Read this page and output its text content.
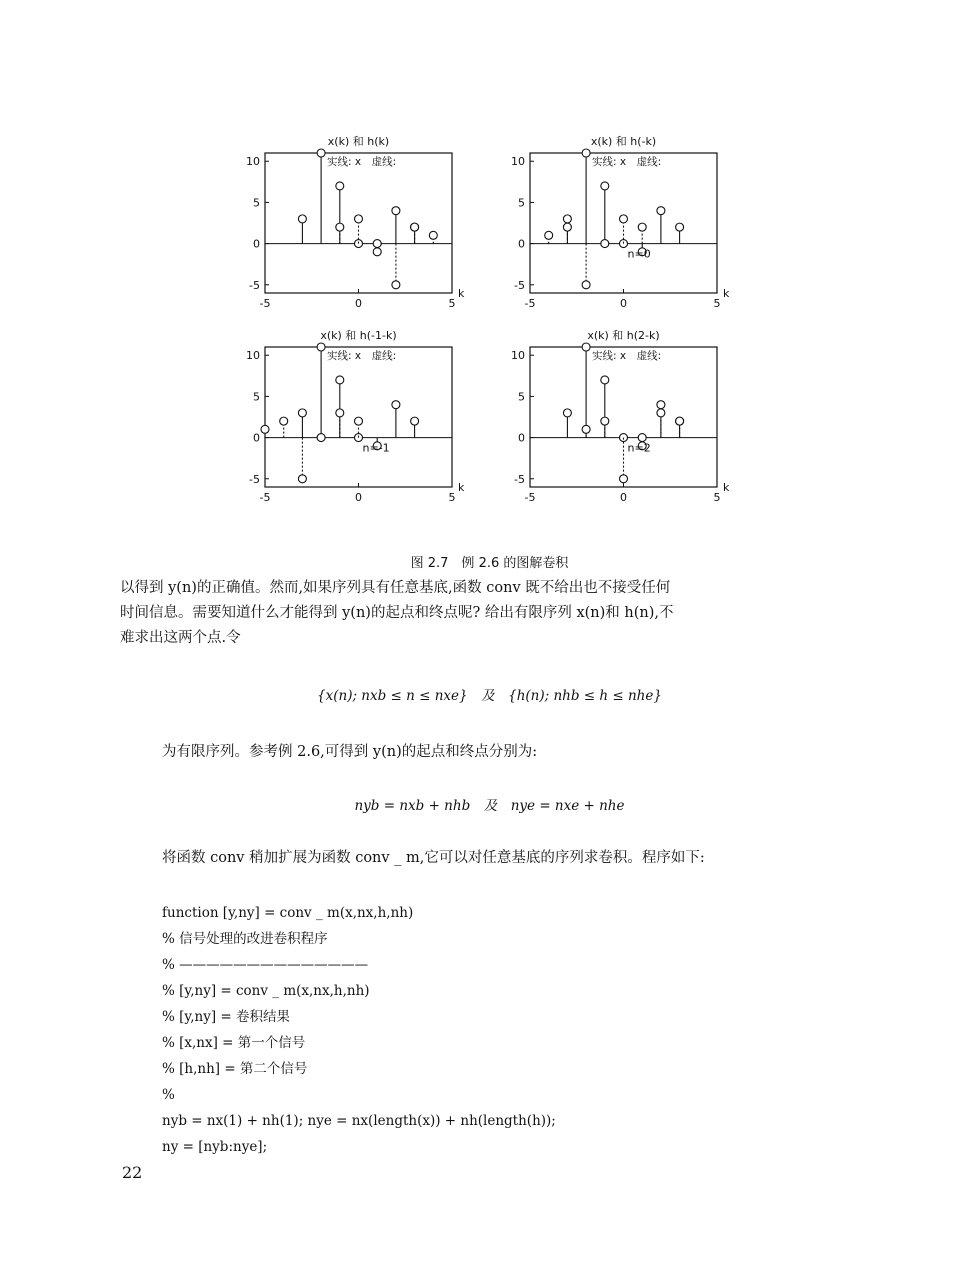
x(k) 和 h(k)
10
5
0
-5
-5	0	5
k
实线: x　虚线:
x(k) 和 h(-k)
10
5
0
-5
-5	0	5
k
实线: x　虚线:
n=0
x(k) 和 h(-1-k)
10
5
0
-5
-5	0	5
k
实线: x　虚线:
n=-1
x(k) 和 h(2-k)
10
5
0
-5
-5	0	5
k
实线: x　虚线:
n=2
图 2.7　例 2.6 的图解卷积

以得到 y(n)的正确值。然而,如果序列具有任意基底,函数 conv 既不给出也不接受任何

时间信息。需要知道什么才能得到 y(n)的起点和终点呢? 给出有限序列 x(n)和 h(n),不

难求出这两个点.令

{x(n); nxb ≤ n ≤ nxe}　及　{h(n); nhb ≤ h ≤ nhe}
为有限序列。参考例 2.6,可得到 y(n)的起点和终点分别为:
nyb = nxb + nhb　及　nye = nxe + nhe
将函数 conv 稍加扩展为函数 conv _ m,它可以对任意基底的序列求卷积。程序如下:
function [y,ny] = conv _ m(x,nx,h,nh)
% 信号处理的改进卷积程序
% ——————————————
% [y,ny] = conv _ m(x,nx,h,nh)
% [y,ny] = 卷积结果
% [x,nx] = 第一个信号
% [h,nh] = 第二个信号
%
nyb = nx(1) + nh(1); nye = nx(length(x)) + nh(length(h));
ny = [nyb:nye];
22
